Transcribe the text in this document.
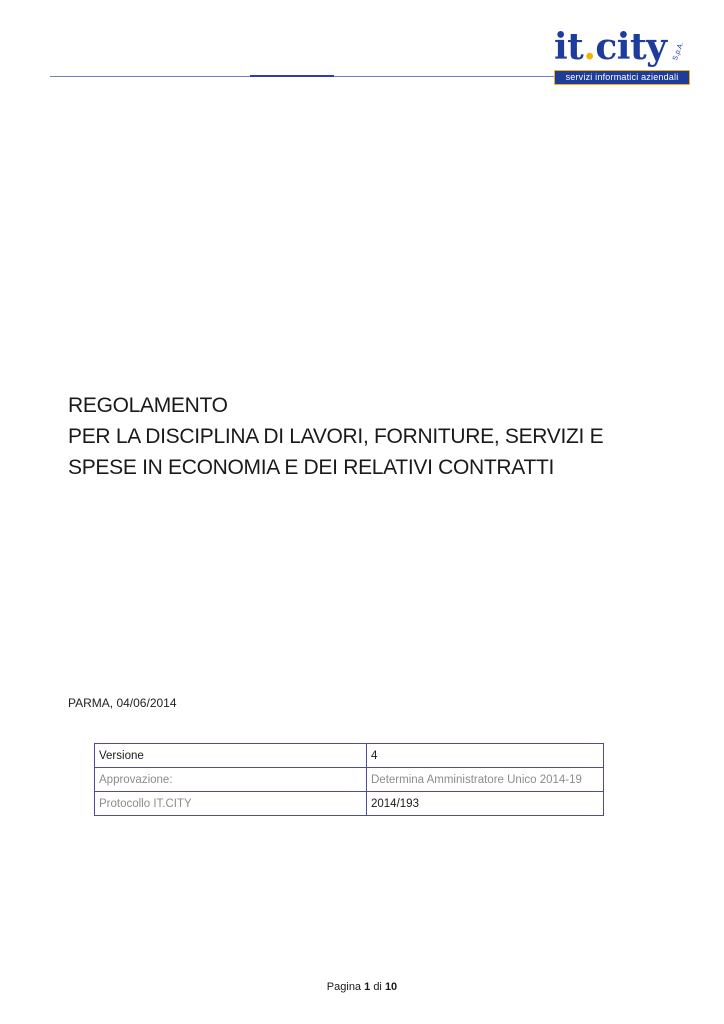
it.city S.p.A.
servizi informatici aziendali
REGOLAMENTO
PER LA DISCIPLINA DI LAVORI, FORNITURE, SERVIZI E
SPESE IN ECONOMIA E DEI RELATIVI CONTRATTI
PARMA, 04/06/2014
Versione	4
Approvazione:	Determina Amministratore Unico 2014-19
Protocollo IT.CITY	2014/193
Pagina 1 di 10
